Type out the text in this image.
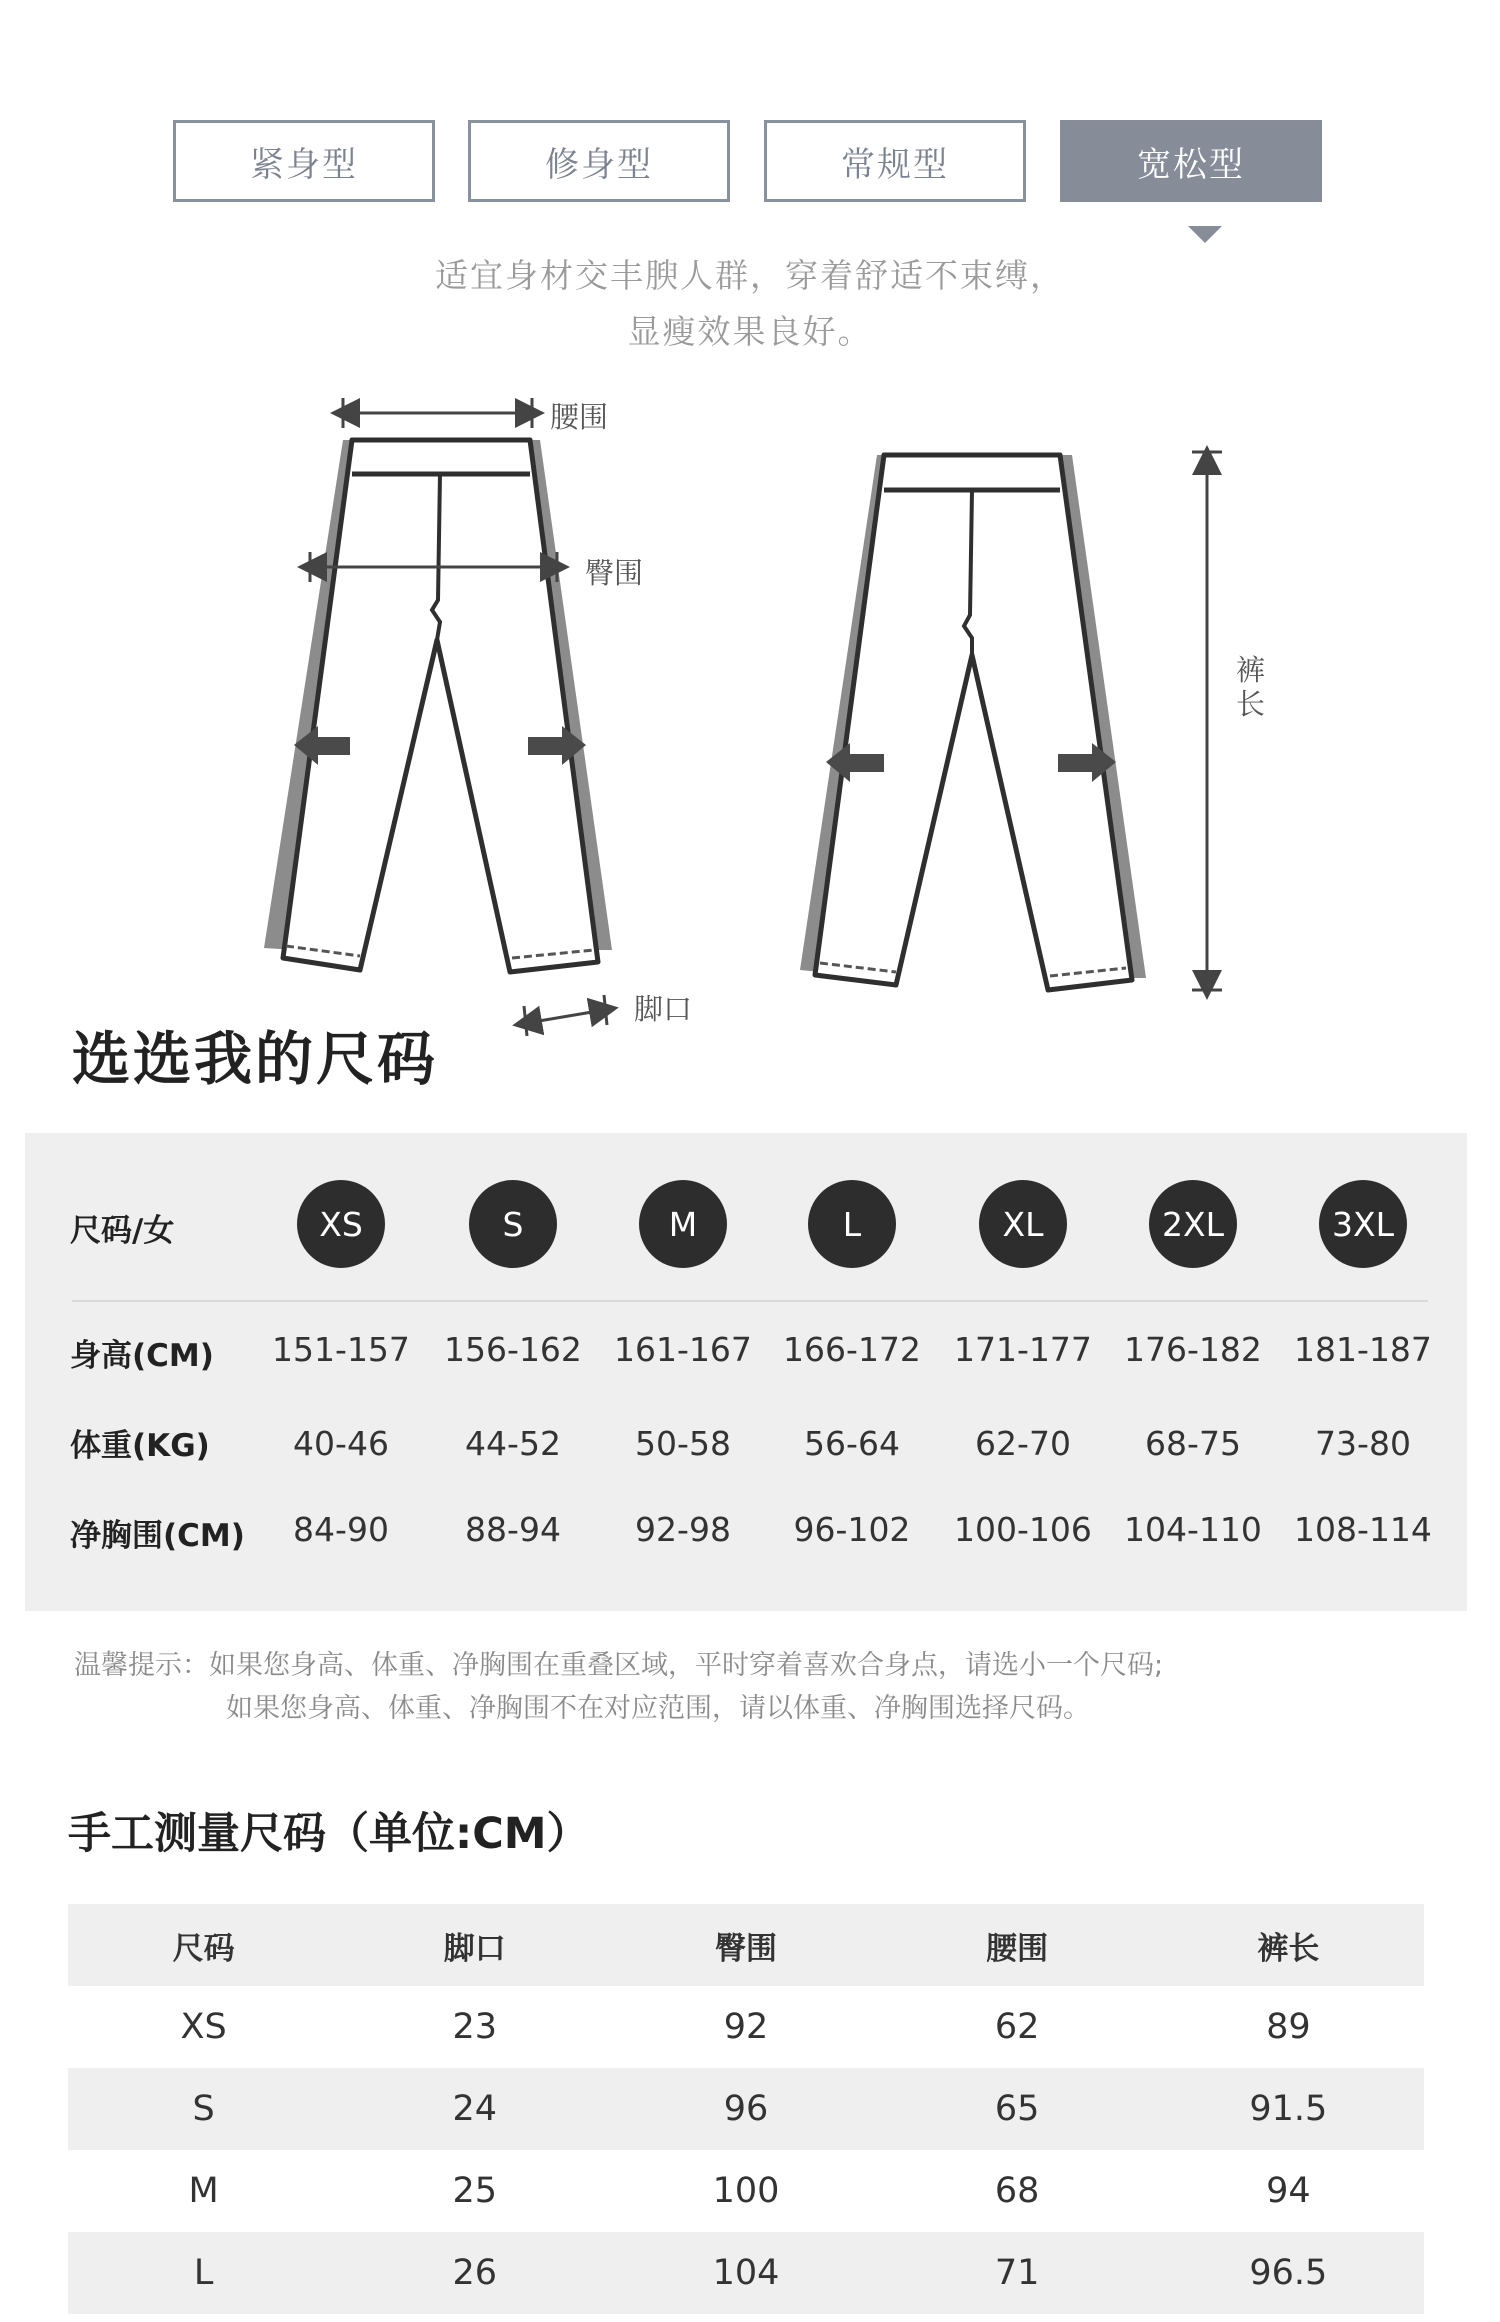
紧身型	修身型	常规型	宽松型
适宜身材交丰腴人群，穿着舒适不束缚，
显瘦效果良好。
腰围
臀围
脚口
裤
长
选选我的尺码
尺码/女	XS	S	M	L	XL	2XL	3XL
身高(CM)	151-157	156-162 161-167 166-172	171-177 176-182 181-187
体重(KG)	40-46	44-52	50-58	56-64	62-70	68-75	73-80
净胸围(CM)	84-90	88-94	92-98	96-102	100-106 104-110 108-114
温馨提示：如果您身高、体重、净胸围在重叠区域，平时穿着喜欢合身点，请选小一个尺码;
如果您身高、体重、净胸围不在对应范围，请以体重、净胸围选择尺码。
手工测量尺码（单位:CM）
尺码	脚口	臀围	腰围	裤长
XS	23	92	62	89
S	24	96	65	91.5
M	25	100	68	94
L	26	104	71	96.5
